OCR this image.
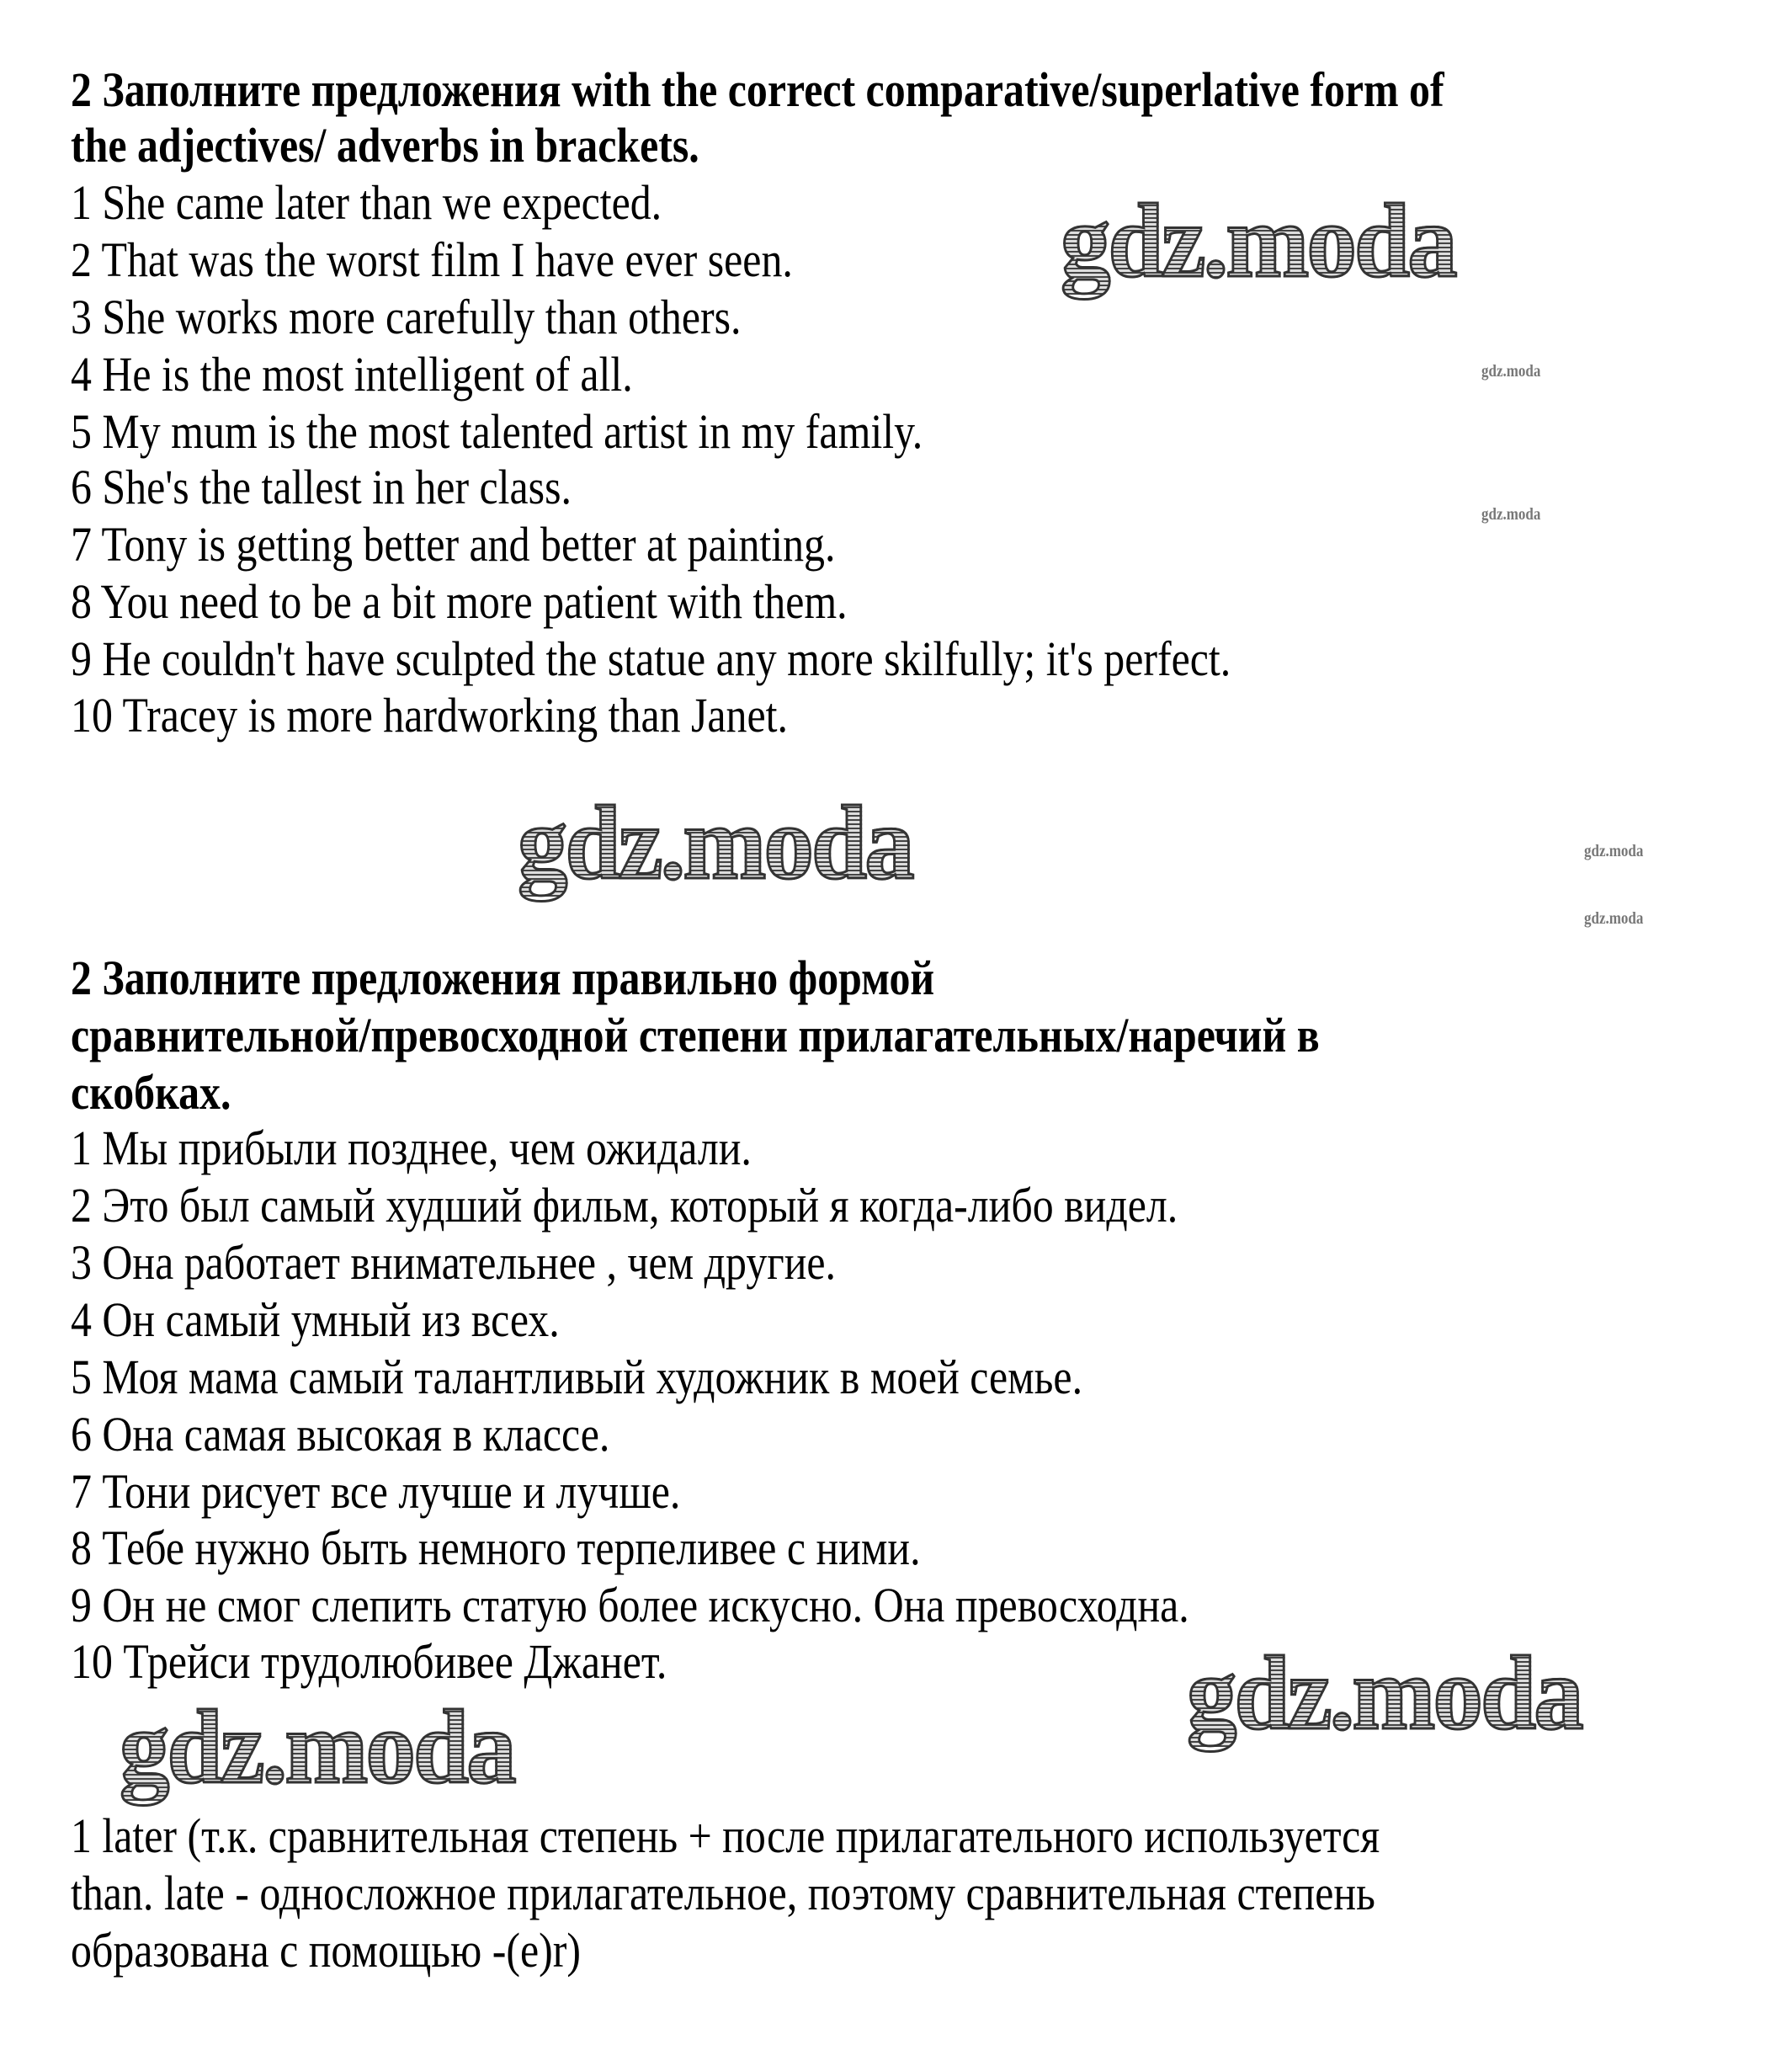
2 Заполните предложения with the correct comparative/superlative form of
the adjectives/ adverbs in brackets.
1 She came later than we expected.
2 That was the worst film I have ever seen.
3 She works more carefully than others.
4 He is the most intelligent of all.
5 My mum is the most talented artist in my family.
6 She's the tallest in her class.
7 Tony is getting better and better at painting.
8 You need to be a bit more patient with them.
9 He couldn't have sculpted the statue any more skilfully; it's perfect.
10 Tracey is more hardworking than Janet.
2 Заполните предложения правильно формой
сравнительной/превосходной степени прилагательных/наречий в
скобках.
1 Мы прибыли позднее, чем ожидали.
2 Это был самый худший фильм, который я когда-либо видел.
3 Она работает внимательнее , чем другие.
4 Он самый умный из всех.
5 Моя мама самый талантливый художник в моей семье.
6 Она самая высокая в классе.
7 Тони рисует все лучше и лучше.
8 Тебе нужно быть немного терпеливее с ними.
9 Он не смог слепить статую более искусно. Она превосходна.
10 Трейси трудолюбивее Джанет.
1 later (т.к. сравнительная степень + после прилагательного используется
than. late - односложное прилагательное, поэтому сравнительная степень
образована с помощью -(e)r)
gdz.moda
gdz.moda
gdz.moda
gdz.moda
gdz.moda
gdz.moda
gdz.moda
gdz.moda
